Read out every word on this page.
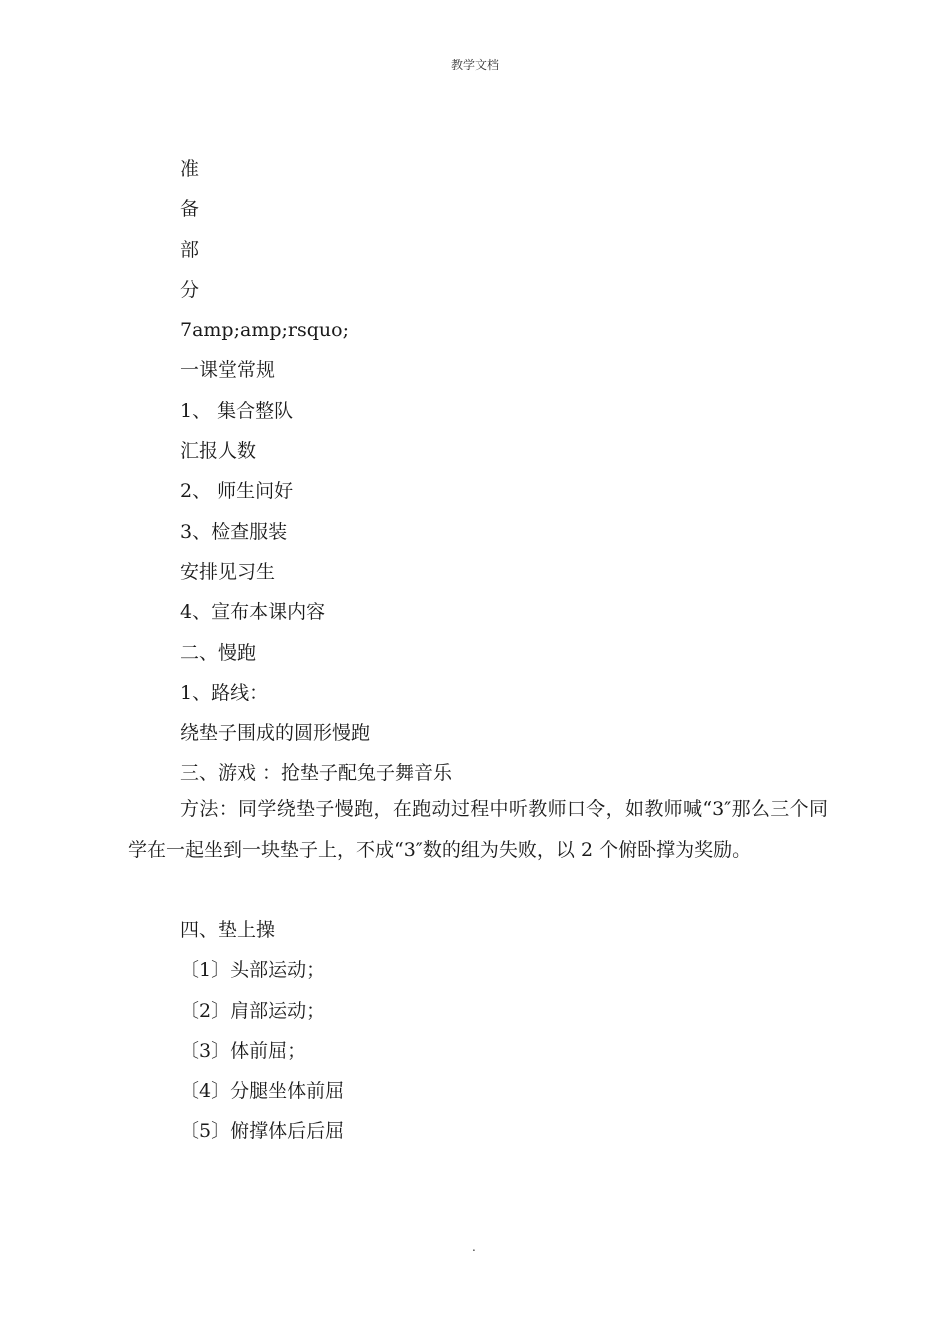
教学文档
准
备
部
分
7amp;amp;rsquo;
一课堂常规
1、 集合整队
汇报人数
2、 师生问好
3、检查服装
安排见习生
4、宣布本课内容
二、慢跑
1、路线：
绕垫子围成的圆形慢跑
三、游戏 ：抢垫子配兔子舞音乐
方法：同学绕垫子慢跑，在跑动过程中听教师口令，如教师喊“3″那么三个同学在一起坐到一块垫子上，不成“3″数的组为失败，以 2 个俯卧撑为奖励。
四、垫上操
〔1〕头部运动；
〔2〕肩部运动；
〔3〕体前屈；
〔4〕分腿坐体前屈
〔5〕俯撑体后后屈
.
